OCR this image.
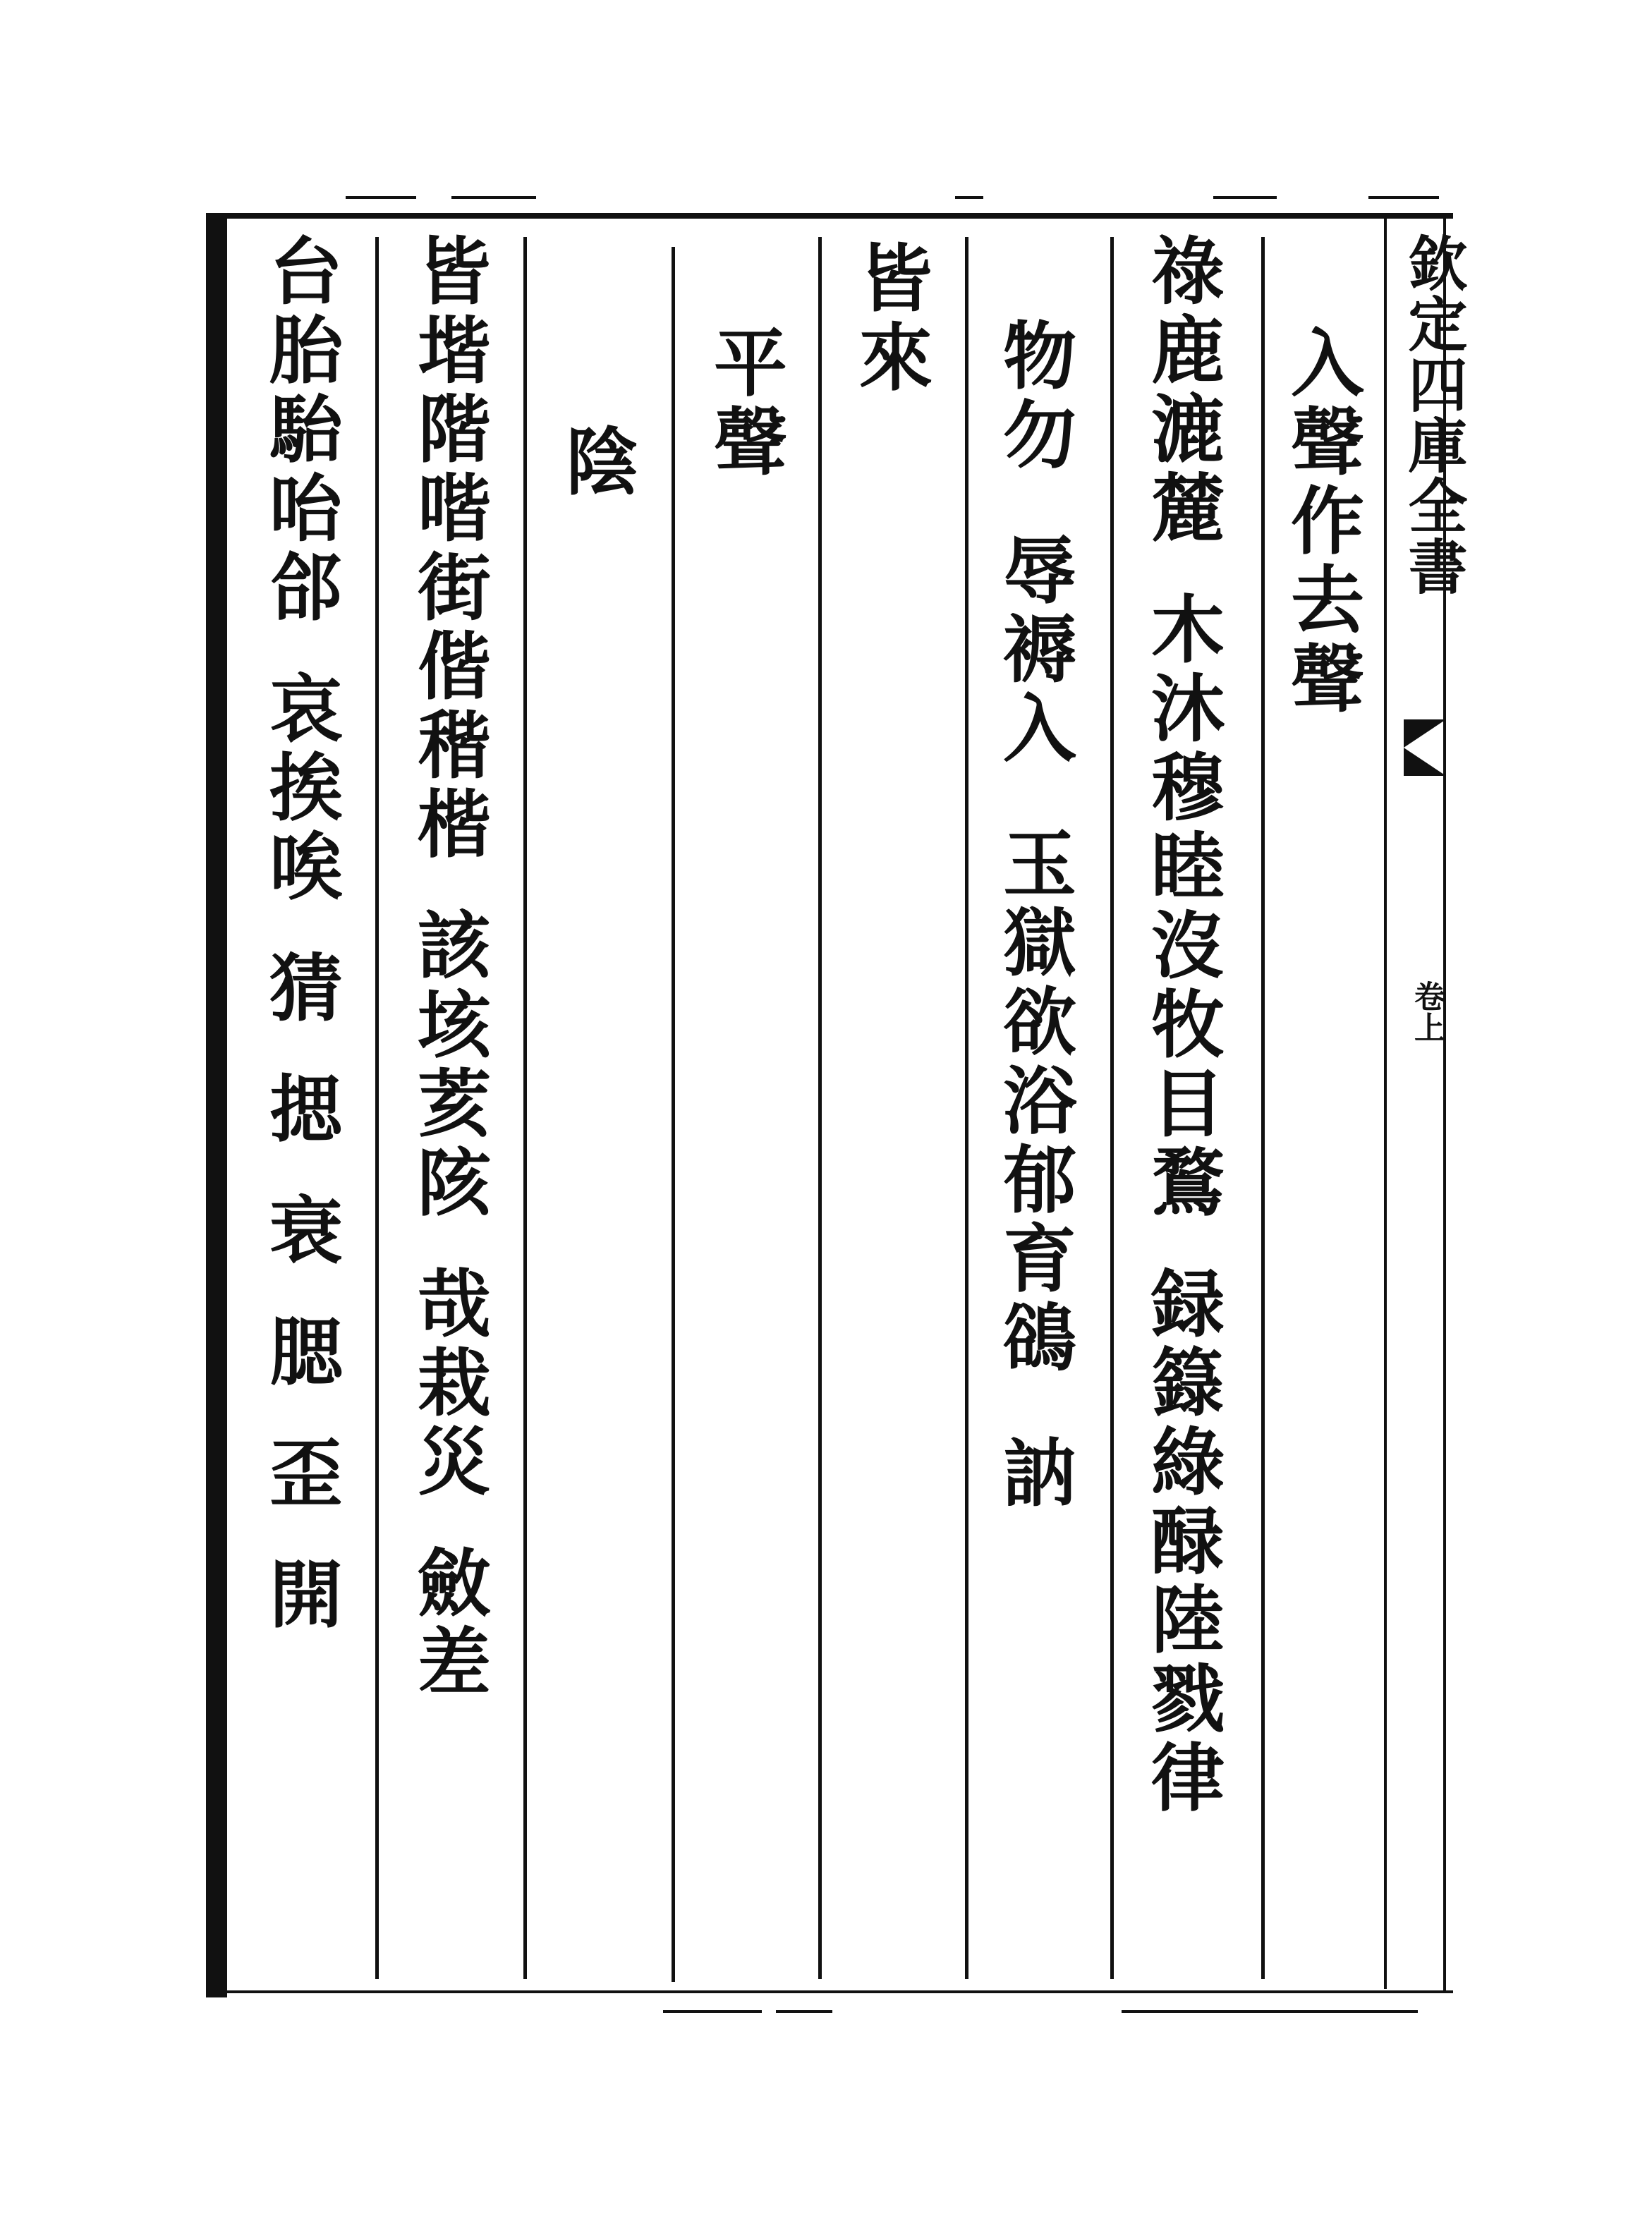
欽定四庫全書
卷上
入聲作去聲
祿鹿漉麓
木沐穆睦沒牧目鶩
録籙綠醁陸戮律
物勿
辱褥入
玉獄欲浴郁育鵒
訥
皆來
平聲
陰
皆堦階喈街偕稭楷
該垓荄陔
哉栽災
斂差
台胎駘咍郃
哀挨唉
猜
揌
衰
腮
歪
開
